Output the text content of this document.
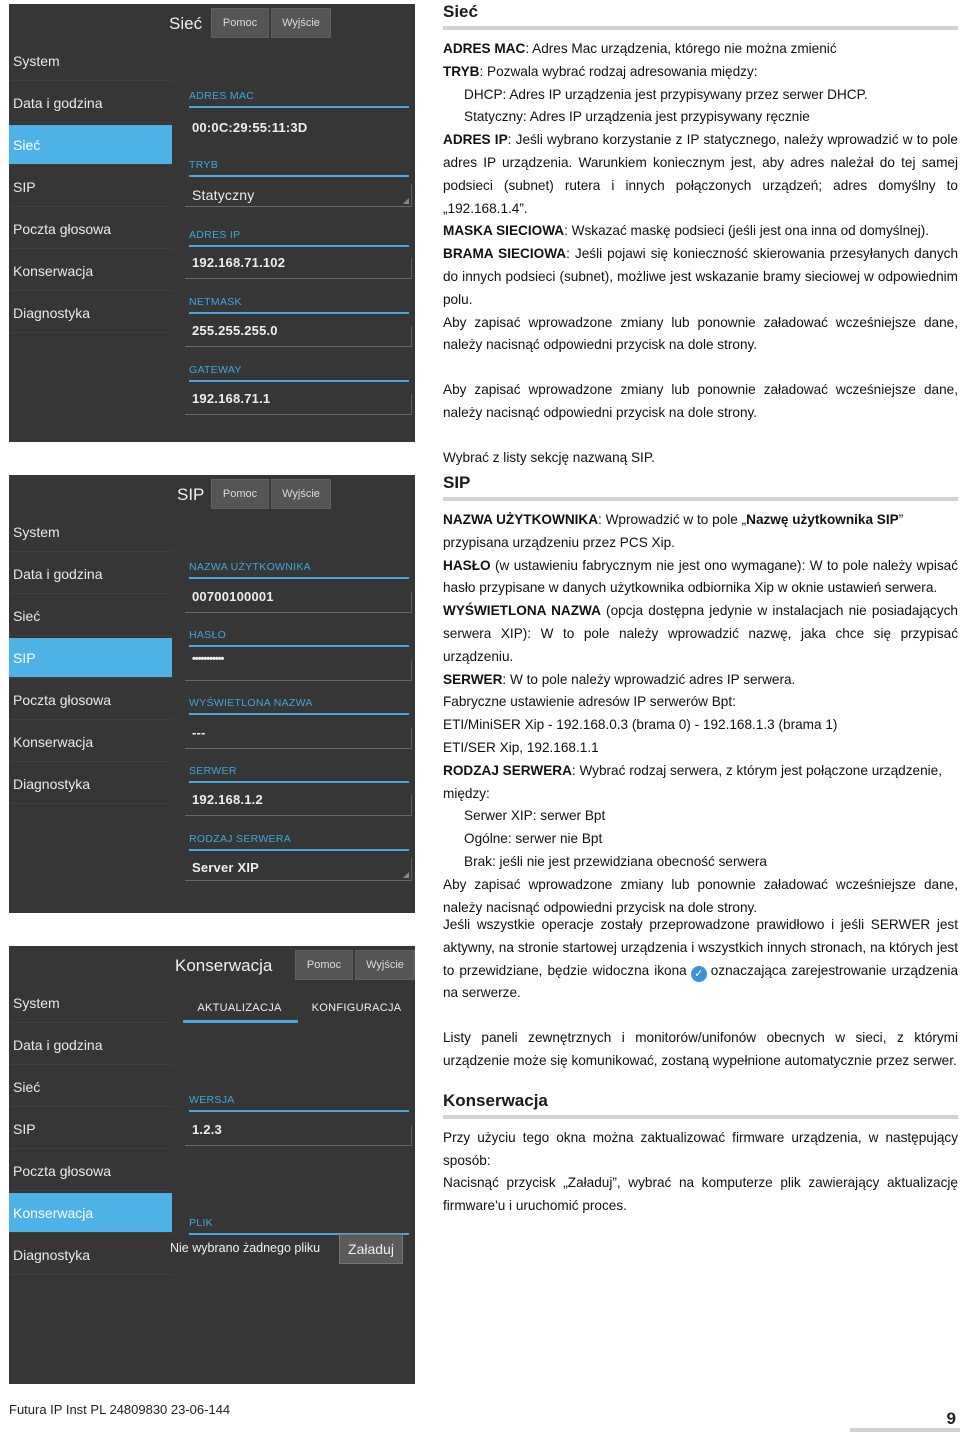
Sieć	Pomoc	Wyjście
System
Data i godzina
Sieć
SIP
Poczta głosowa
Konserwacja
Diagnostyka
ADRES MAC
00:0C:29:55:11:3D
TRYB
Statyczny
ADRES IP
192.168.71.102
NETMASK
255.255.255.0
GATEWAY
192.168.71.1
SIP	Pomoc	Wyjście
System
Data i godzina
Sieć
SIP
Poczta głosowa
Konserwacja
Diagnostyka
NAZWA UŻYTKOWNIKA
00700100001
HASŁO
•••••••••••
WYŚWIETLONA NAZWA
---
SERWER
192.168.1.2
RODZAJ SERWERA
Server XIP
Konserwacja	Pomoc	Wyjście
AKTUALIZACJA	KONFIGURACJA
System
Data i godzina
Sieć
SIP
Poczta głosowa
Konserwacja
Diagnostyka
WERSJA
1.2.3
PLIK
Nie wybrano żadnego pliku	Załaduj

Sieć

ADRES MAC: Adres Mac urządzenia, którego nie można zmienić

TRYB: Pozwala wybrać rodzaj adresowania między:

DHCP: Adres IP urządzenia jest przypisywany przez serwer DHCP.

Statyczny: Adres IP urządzenia jest przypisywany ręcznie

ADRES IP: Jeśli wybrano korzystanie z IP statycznego, należy wprowadzić w to pole adres IP urządzenia. Warunkiem koniecznym jest, aby adres należał do tej samej podsieci (subnet) rutera i innych połączonych urządzeń; adres domyślny to „192.168.1.4”.

MASKA SIECIOWA: Wskazać maskę podsieci (jeśli jest ona inna od domyślnej).

BRAMA SIECIOWA: Jeśli pojawi się konieczność skierowania przesyłanych danych do innych podsieci (subnet), możliwe jest wskazanie bramy sieciowej w odpowiednim polu.

Aby zapisać wprowadzone zmiany lub ponownie załadować wcześniejsze dane, należy nacisnąć odpowiedni przycisk na dole strony.

Aby zapisać wprowadzone zmiany lub ponownie załadować wcześniejsze dane, należy nacisnąć odpowiedni przycisk na dole strony.

Wybrać z listy sekcję nazwaną SIP.

SIP

NAZWA UŻYTKOWNIKA: Wprowadzić w to pole „Nazwę użytkownika SIP” przypisana urządzeniu przez PCS Xip.

HASŁO (w ustawieniu fabrycznym nie jest ono wymagane): W to pole należy wpisać hasło przypisane w danych użytkownika odbiornika Xip w oknie ustawień serwera.

WYŚWIETLONA NAZWA (opcja dostępna jedynie w instalacjach nie posiadających serwera XIP): W to pole należy wprowadzić nazwę, jaka chce się przypisać urządzeniu.

SERWER: W to pole należy wprowadzić adres IP serwera.

Fabryczne ustawienie adresów IP serwerów Bpt:

ETI/MiniSER Xip - 192.168.0.3 (brama 0) - 192.168.1.3 (brama 1)

ETI/SER Xip, 192.168.1.1

RODZAJ SERWERA: Wybrać rodzaj serwera, z którym jest połączone urządzenie, między:

Serwer XIP: serwer Bpt

Ogólne: serwer nie Bpt

Brak: jeśli nie jest przewidziana obecność serwera

Aby zapisać wprowadzone zmiany lub ponownie załadować wcześniejsze dane, należy nacisnąć odpowiedni przycisk na dole strony.

Jeśli wszystkie operacje zostały przeprowadzone prawidłowo i jeśli SERWER jest aktywny, na stronie startowej urządzenia i wszystkich innych stronach, na których jest to przewidziane, będzie widoczna ikona ✓ oznaczająca zarejestrowanie urządzenia na serwerze.

Listy paneli zewnętrznych i monitorów/unifonów obecnych w sieci, z którymi urządzenie może się komunikować, zostaną wypełnione automatycznie przez serwer.

Konserwacja

Przy użyciu tego okna można zaktualizować firmware urządzenia, w następujący sposób:

Nacisnąć przycisk „Załaduj”, wybrać na komputerze plik zawierający aktualizację firmware'u i uruchomić proces.

Futura IP Inst PL 24809830 23-06-144	9
